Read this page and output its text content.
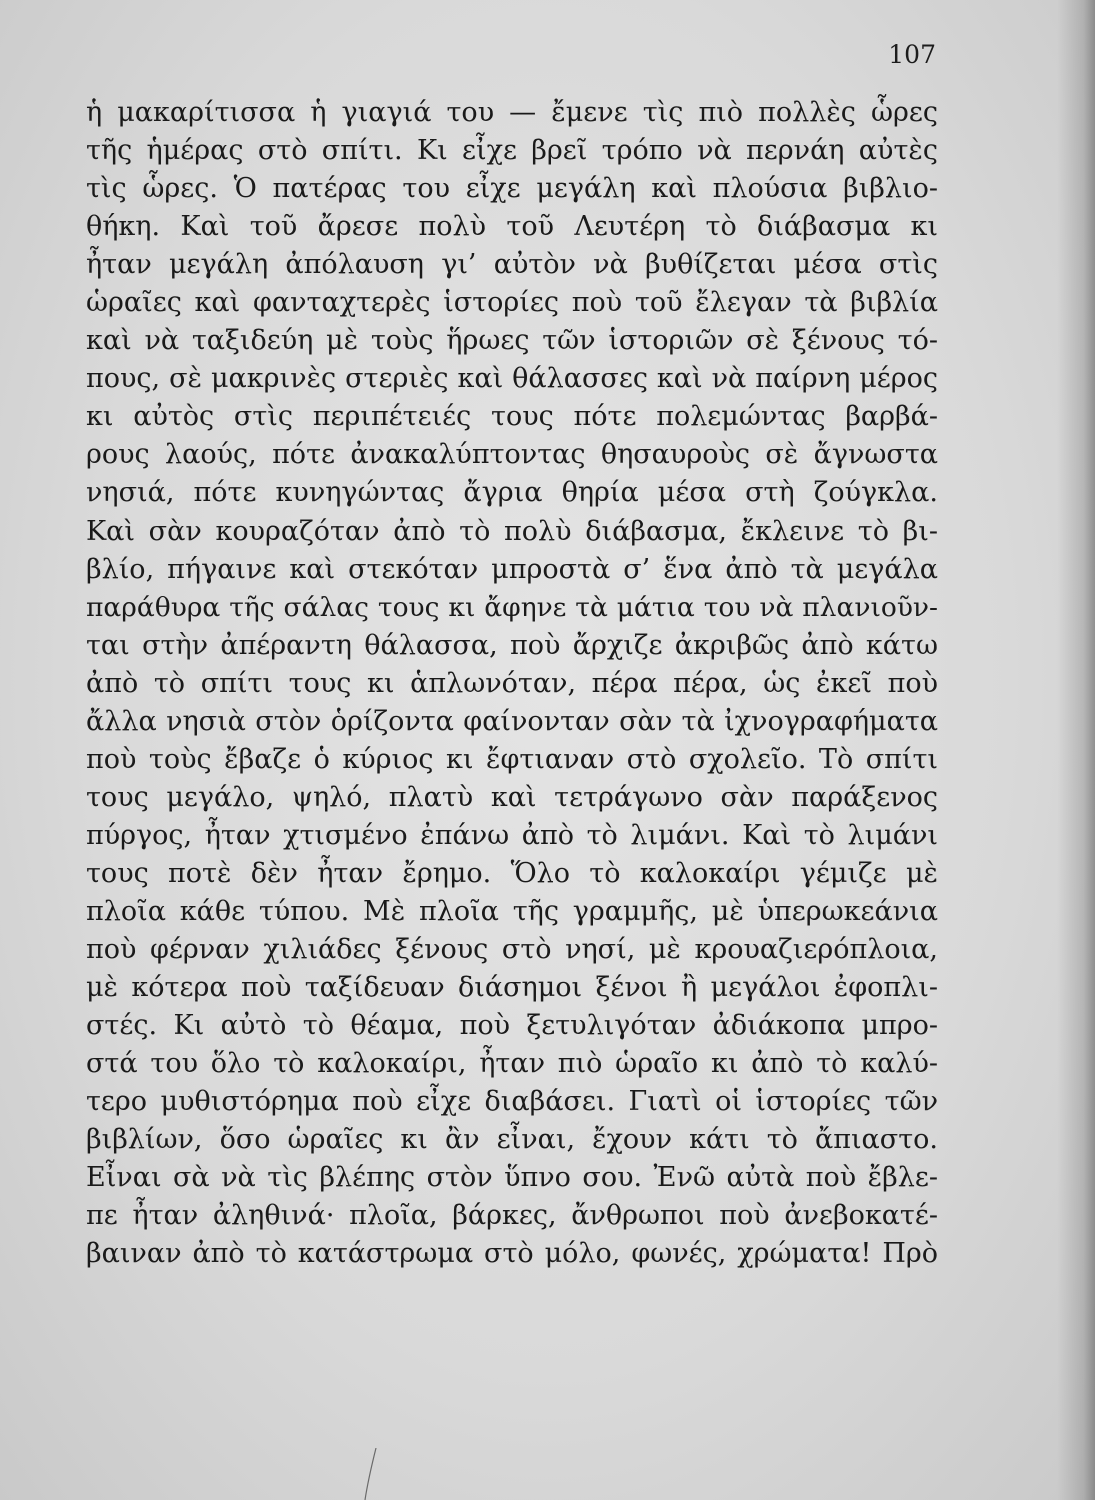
107

ἡ μακαρίτισσα ἡ γιαγιά του — ἔμενε τὶς πιὸ πολλὲς ὧρες
τῆς ἡμέρας στὸ σπίτι. Κι εἶχε βρεῖ τρόπο νὰ περνάη αὐτὲς
τὶς ὧρες. Ὁ πατέρας του εἶχε μεγάλη καὶ πλούσια βιβλιο-
θήκη. Καὶ τοῦ ἄρεσε πολὺ τοῦ Λευτέρη τὸ διάβασμα κι
ἦταν μεγάλη ἀπόλαυση γι’ αὐτὸν νὰ βυθίζεται μέσα στὶς
ὡραῖες καὶ φανταχτερὲς ἱστορίες ποὺ τοῦ ἔλεγαν τὰ βιβλία
καὶ νὰ ταξιδεύη μὲ τοὺς ἥρωες τῶν ἱστοριῶν σὲ ξένους τό-
πους, σὲ μακρινὲς στεριὲς καὶ θάλασσες καὶ νὰ παίρνη μέρος
κι αὐτὸς στὶς περιπέτειές τους πότε πολεμώντας βαρβά-
ρους λαούς, πότε ἀνακαλύπτοντας θησαυροὺς σὲ ἄγνωστα
νησιά, πότε κυνηγώντας ἄγρια θηρία μέσα στὴ ζούγκλα.
Καὶ σὰν κουραζόταν ἀπὸ τὸ πολὺ διάβασμα, ἔκλεινε τὸ βι-
βλίο, πήγαινε καὶ στεκόταν μπροστὰ σ’ ἕνα ἀπὸ τὰ μεγάλα
παράθυρα τῆς σάλας τους κι ἄφηνε τὰ μάτια του νὰ πλανιοῦν-
ται στὴν ἀπέραντη θάλασσα, ποὺ ἄρχιζε ἀκριβῶς ἀπὸ κάτω
ἀπὸ τὸ σπίτι τους κι ἁπλωνόταν, πέρα πέρα, ὡς ἐκεῖ ποὺ
ἄλλα νησιὰ στὸν ὁρίζοντα φαίνονταν σὰν τὰ ἰχνογραφήματα
ποὺ τοὺς ἔβαζε ὁ κύριος κι ἔφτιαναν στὸ σχολεῖο. Τὸ σπίτι
τους μεγάλο, ψηλό, πλατὺ καὶ τετράγωνο σὰν παράξενος
πύργος, ἦταν χτισμένο ἐπάνω ἀπὸ τὸ λιμάνι. Καὶ τὸ λιμάνι
τους ποτὲ δὲν ἦταν ἔρημο. Ὅλο τὸ καλοκαίρι γέμιζε μὲ
πλοῖα κάθε τύπου. Μὲ πλοῖα τῆς γραμμῆς, μὲ ὑπερωκεάνια
ποὺ φέρναν χιλιάδες ξένους στὸ νησί, μὲ κρουαζιερόπλοια,
μὲ κότερα ποὺ ταξίδευαν διάσημοι ξένοι ἢ μεγάλοι ἐφοπλι-
στές. Κι αὐτὸ τὸ θέαμα, ποὺ ξετυλιγόταν ἀδιάκοπα μπρο-
στά του ὅλο τὸ καλοκαίρι, ἦταν πιὸ ὡραῖο κι ἀπὸ τὸ καλύ-
τερο μυθιστόρημα ποὺ εἶχε διαβάσει. Γιατὶ οἱ ἱστορίες τῶν
βιβλίων, ὅσο ὡραῖες κι ἂν εἶναι, ἔχουν κάτι τὸ ἄπιαστο.
Εἶναι σὰ νὰ τὶς βλέπης στὸν ὕπνο σου. Ἐνῶ αὐτὰ ποὺ ἔβλε-
πε ἦταν ἀληθινά· πλοῖα, βάρκες, ἄνθρωποι ποὺ ἀνεβοκατέ-
βαιναν ἀπὸ τὸ κατάστρωμα στὸ μόλο, φωνές, χρώματα! Πρὸ
